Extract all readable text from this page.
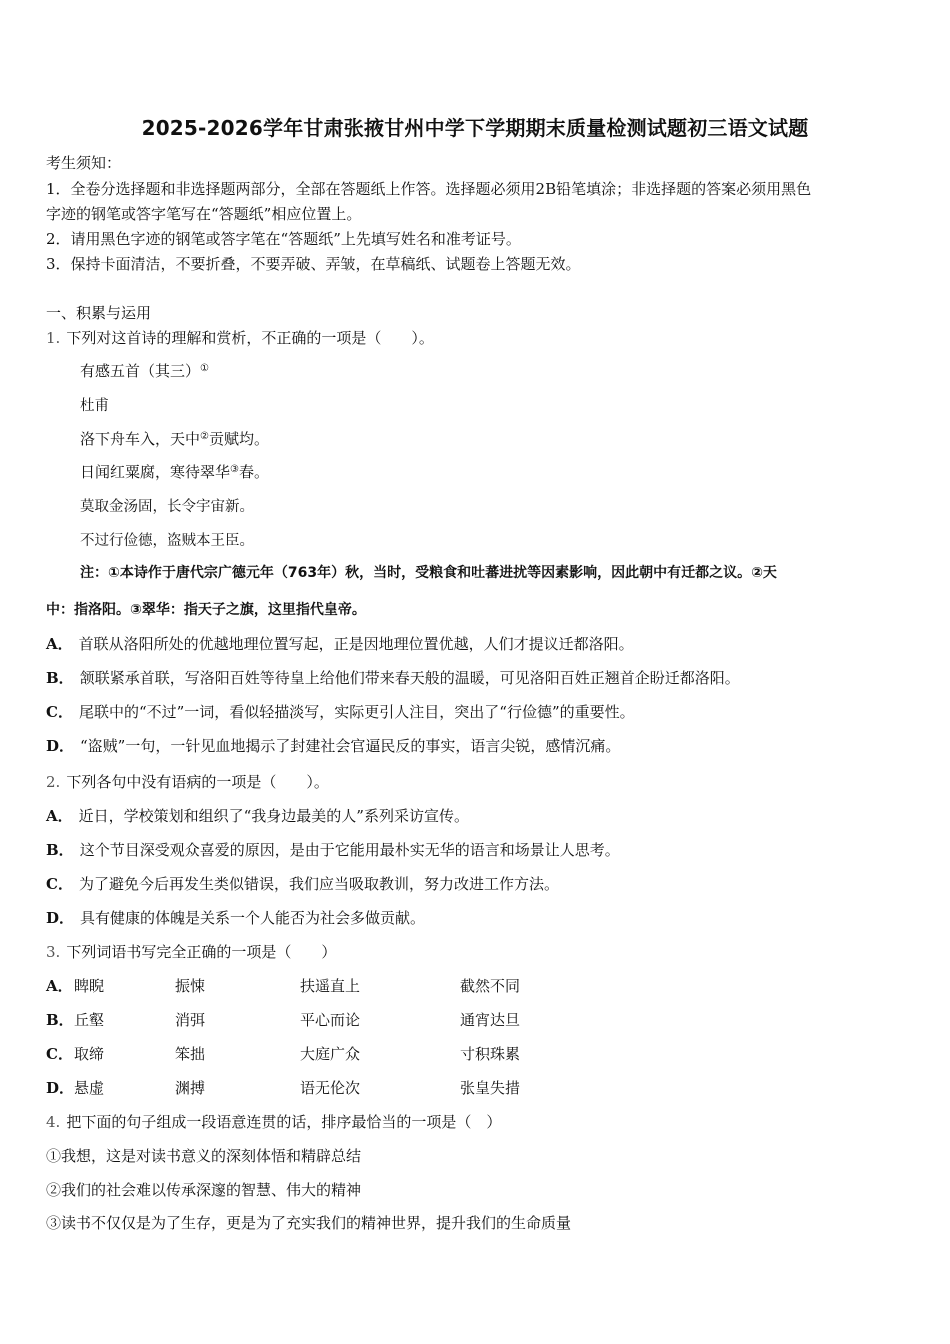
2025-2026学年甘肃张掖甘州中学下学期期末质量检测试题初三语文试题
考生须知：
1．全卷分选择题和非选择题两部分，全部在答题纸上作答。选择题必须用2B铅笔填涂；非选择题的答案必须用黑色
字迹的钢笔或答字笔写在“答题纸”相应位置上。
2．请用黑色字迹的钢笔或答字笔在“答题纸”上先填写姓名和准考证号。
3．保持卡面清洁，不要折叠，不要弄破、弄皱，在草稿纸、试题卷上答题无效。
一、积累与运用
1. 下列对这首诗的理解和赏析，不正确的一项是（　　）。
有感五首（其三）①
杜甫
洛下舟车入，天中②贡赋均。
日闻红粟腐，寒待翠华③春。
莫取金汤固，长令宇宙新。
不过行俭德，盗贼本王臣。
注：①本诗作于唐代宗广德元年（763年）秋，当时，受粮食和吐蕃进扰等因素影响，因此朝中有迁都之议。②天
中：指洛阳。③翠华：指天子之旗，这里指代皇帝。
A． 首联从洛阳所处的优越地理位置写起，正是因地理位置优越，人们才提议迁都洛阳。
B． 颔联紧承首联，写洛阳百姓等待皇上给他们带来春天般的温暖，可见洛阳百姓正翘首企盼迁都洛阳。
C． 尾联中的“不过”一词，看似轻描淡写，实际更引人注目，突出了“行俭德”的重要性。
D． “盗贼”一句，一针见血地揭示了封建社会官逼民反的事实，语言尖锐，感情沉痛。
2. 下列各句中没有语病的一项是（　　）。
A． 近日，学校策划和组织了“我身边最美的人”系列采访宣传。
B． 这个节目深受观众喜爱的原因，是由于它能用最朴实无华的语言和场景让人思考。
C． 为了避免今后再发生类似错误，我们应当吸取教训，努力改进工作方法。
D． 具有健康的体魄是关系一个人能否为社会多做贡献。
3. 下列词语书写完全正确的一项是（　　）
A． 睥睨	振悚	扶遥直上	截然不同
B． 丘壑	消弭	平心而论	通宵达旦
C． 取缔	笨拙	大庭广众	寸积珠累
D． 悬虚	渊搏	语无伦次	张皇失措
4. 把下面的句子组成一段语意连贯的话，排序最恰当的一项是（　）
①我想，这是对读书意义的深刻体悟和精辟总结
②我们的社会难以传承深邃的智慧、伟大的精神
③读书不仅仅是为了生存，更是为了充实我们的精神世界，提升我们的生命质量
